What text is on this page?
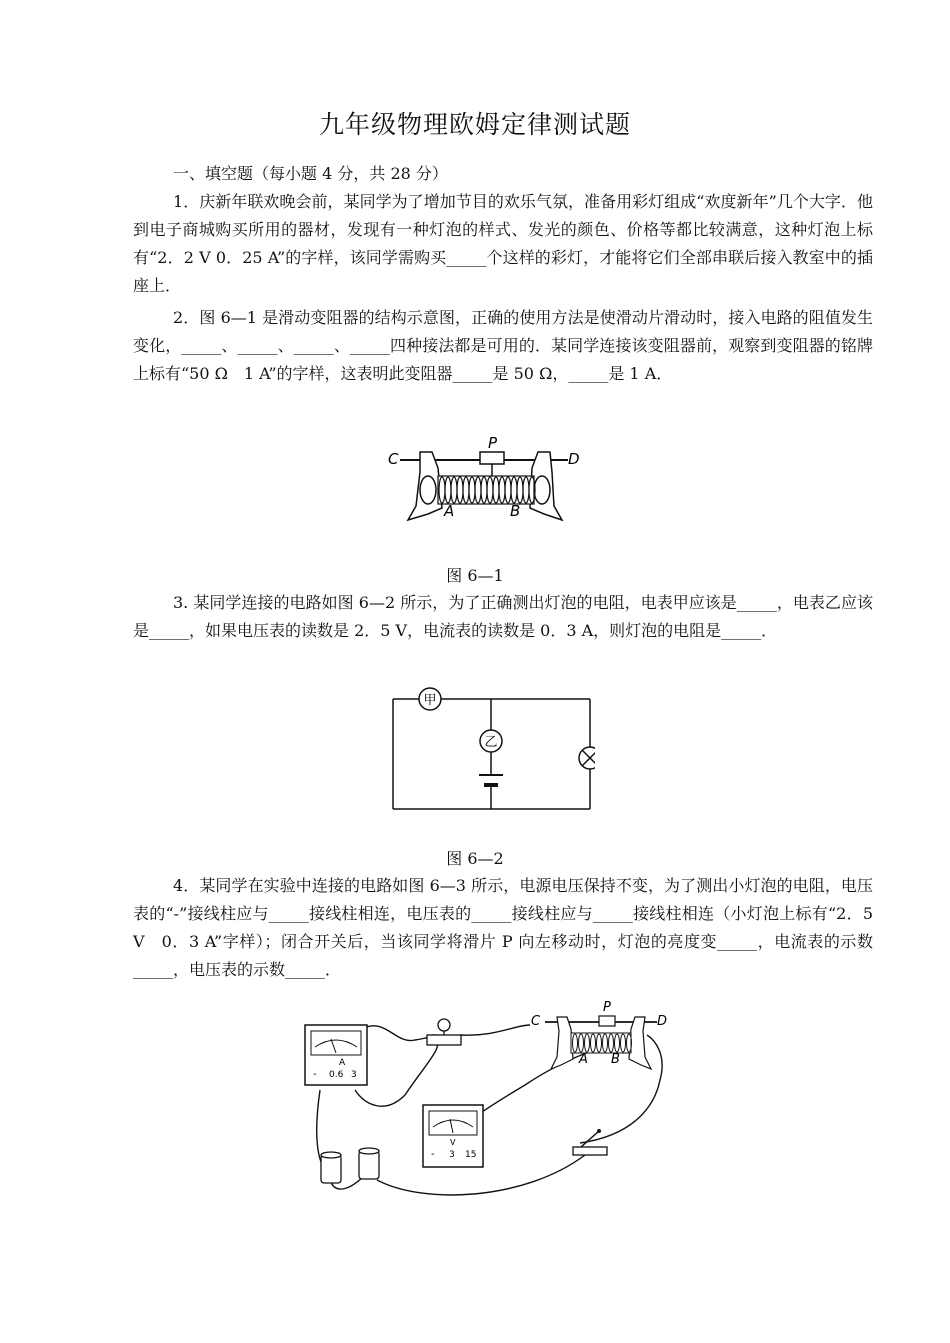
九年级物理欧姆定律测试题
一、填空题（每小题 4 分，共 28 分）
1．庆新年联欢晚会前，某同学为了增加节目的欢乐气氛，准备用彩灯组成“欢度新年”几个大字．他到电子商城购买所用的器材，发现有一种灯泡的样式、发光的颜色、价格等都比较满意，这种灯泡上标有“2．2 V 0．25 A”的字样，该同学需购买_____个这样的彩灯，才能将它们全部串联后接入教室中的插座上．
2．图 6—1 是滑动变阻器的结构示意图，正确的使用方法是使滑动片滑动时，接入电路的阻值发生变化，_____、_____、_____、_____四种接法都是可用的．某同学连接该变阻器前，观察到变阻器的铭牌上标有“50 Ω　1 A”的字样，这表明此变阻器_____是 50 Ω，_____是 1 A．
C
P
D
A	B
图 6—1
3. 某同学连接的电路如图 6—2 所示，为了正确测出灯泡的电阻，电表甲应该是_____，电表乙应该是_____，如果电压表的读数是 2．5 V，电流表的读数是 0．3 A，则灯泡的电阻是_____．
甲
乙
图 6—2
4．某同学在实验中连接的电路如图 6—3 所示，电源电压保持不变，为了测出小灯泡的电阻，电压表的“-”接线柱应与_____接线柱相连，电压表的_____接线柱应与_____接线柱相连（小灯泡上标有“2．5 V　0．3 A”字样）；闭合开关后，当该同学将滑片 P 向左移动时，灯泡的亮度变_____，电流表的示数_____，电压表的示数_____．
A
- 0.6 3
C
P
D
A B
V
- 3 15
